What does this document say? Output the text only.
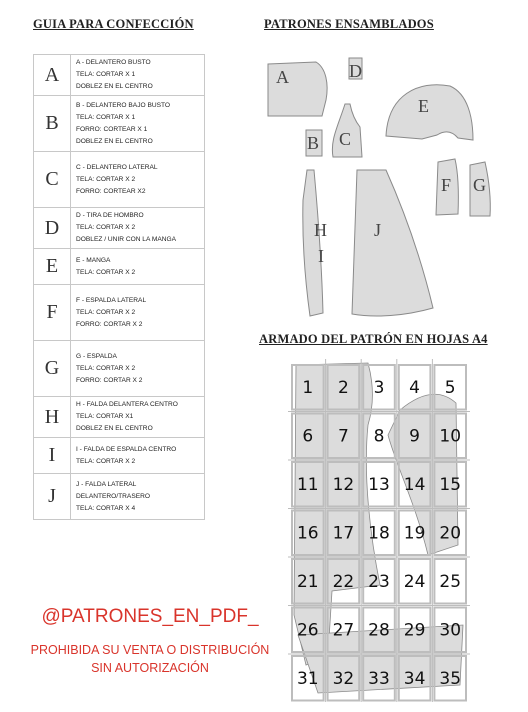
GUIA PARA CONFECCIÓN	PATRONES ENSAMBLADOS
ARMADO DEL PATRÓN EN HOJAS A4
A	A - DELANTERO BUSTO
TELA: CORTAR X 1
DOBLEZ EN EL CENTRO

B	B - DELANTERO BAJO BUSTO
TELA: CORTAR X 1
FORRO: CORTEAR X 1
DOBLEZ EN EL CENTRO

C	C - DELANTERO LATERAL
TELA: CORTAR X 2
FORRO: CORTEAR X2

D	D - TIRA DE HOMBRO
TELA: CORTAR X 2
DOBLEZ / UNIR CON LA MANGA

E	E - MANGA
TELA: CORTAR X 2

F	F - ESPALDA LATERAL
TELA: CORTAR X 2
FORRO: CORTAR X 2

G	G - ESPALDA
TELA: CORTAR X 2
FORRO: CORTAR X 2

H	H - FALDA DELANTERA CENTRO
TELA: CORTAR X1
DOBLEZ EN EL CENTRO

I	I - FALDA DE ESPALDA CENTRO
TELA: CORTAR X 2

J	J - FALDA LATERAL
DELANTERO/TRASERO
TELA: CORTAR X 4
A	D
E
B C
F G
H
I
J
1 2 3 4 5
6 7 8 9 10
11 12 13 14 15
16 17 18 19 20
21 22 23 24 25
26 27 28 29 30
31 32 33 34 35
@PATRONES_EN_PDF_
PROHIBIDA SU VENTA O DISTRIBUCIÓN
SIN AUTORIZACIÓN
